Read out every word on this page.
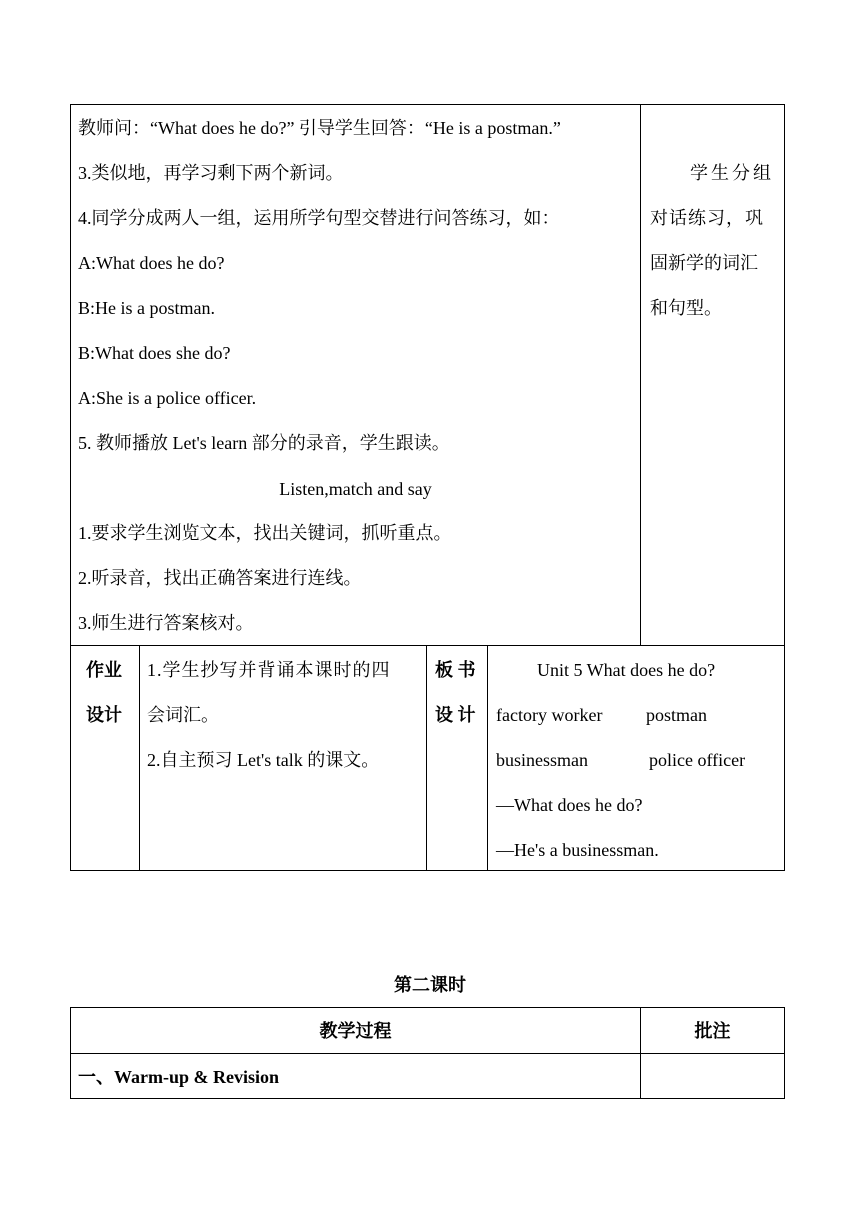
教师问：“What does he do?” 引导学生回答：“He is a postman.”
3.类似地，再学习剩下两个新词。
4.同学分成两人一组，运用所学句型交替进行问答练习，如：
A:What does he do?
B:He is a postman.
B:What does she do?
A:She is a police officer.
5. 教师播放 Let's learn 部分的录音，学生跟读。
Listen,match and say
1.要求学生浏览文本，找出关键词，抓听重点。
2.听录音，找出正确答案进行连线。
3.师生进行答案核对。
学生分组
对话练习，巩
固新学的词汇
和句型。
作业
设计
1.学生抄写并背诵本课时的四
会词汇。
2.自主预习 Let's talk 的课文。
板 书
设 计
Unit 5 What does he do?
factory worker postman
businessman	police officer
—What does he do?
—He's a businessman.
第二课时
教学过程	批注
一、Warm-up & Revision
